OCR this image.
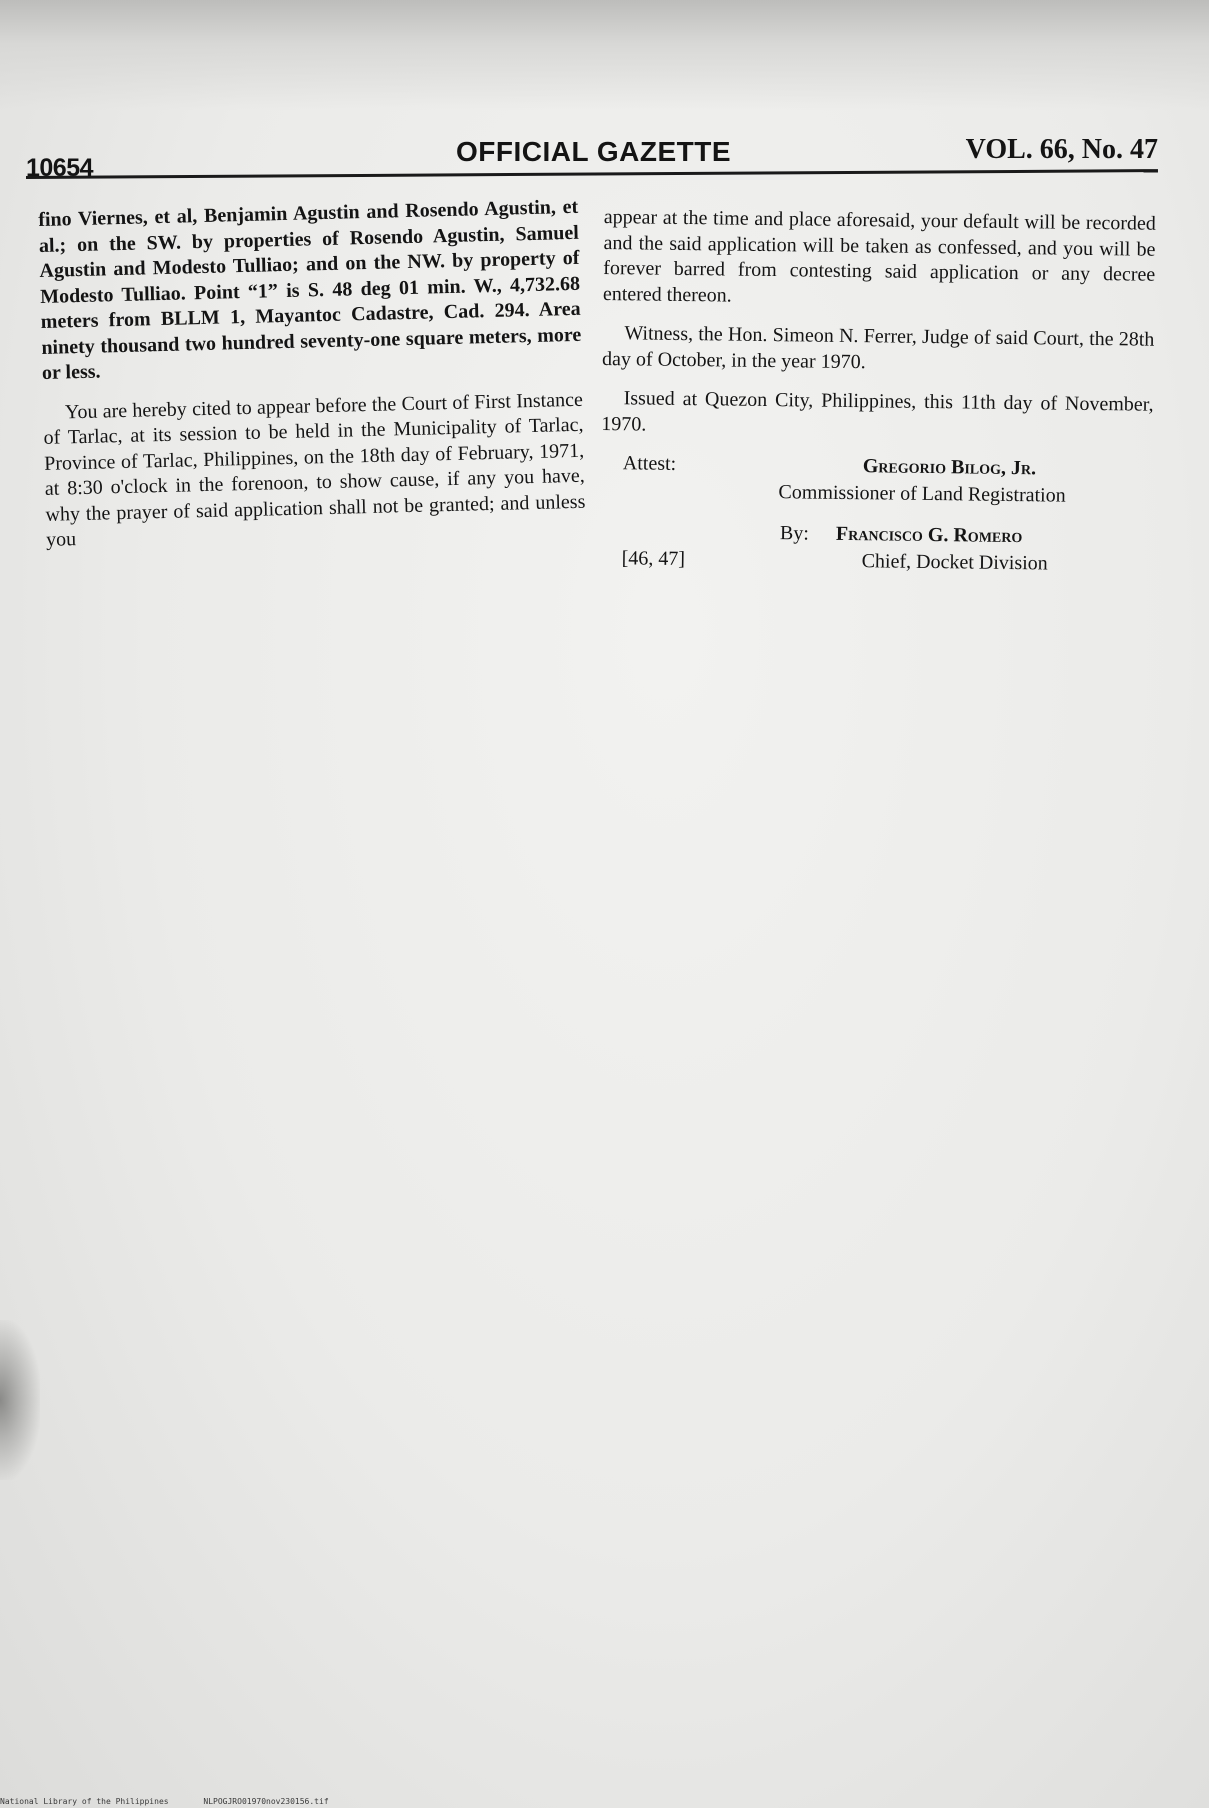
10654
OFFICIAL GAZETTE	VOL. 66, No. 47

fino Viernes, et al, Benjamin Agustin and Rosendo Agustin, et al.; on the SW. by properties of Rosendo Agustin, Samuel Agustin and Modesto Tulliao; and on the NW. by property of Modesto Tulliao. Point “1” is S. 48 deg 01 min. W., 4,732.68 meters from BLLM 1, Mayantoc Cadastre, Cad. 294. Area ninety thousand two hundred seventy-one square meters, more or less.

You are hereby cited to appear before the Court of First Instance of Tarlac, at its session to be held in the Municipality of Tarlac, Province of Tarlac, Philippines, on the 18th day of February, 1971, at 8:30 o'clock in the forenoon, to show cause, if any you have, why the prayer of said application shall not be granted; and unless you

appear at the time and place aforesaid, your default will be recorded and the said application will be taken as confessed, and you will be forever barred from contesting said application or any decree entered thereon.

Witness, the Hon. Simeon N. Ferrer, Judge of said Court, the 28th day of October, in the year 1970.

Issued at Quezon City, Philippines, this 11th day of November, 1970.

Attest:	Gregorio Bilog, Jr.
Commissioner of Land Registration
By: Francisco G. Romero
[46, 47]	Chief, Docket Division
National Library of the Philippines	NLPOGJRO01970nov230156.tif
